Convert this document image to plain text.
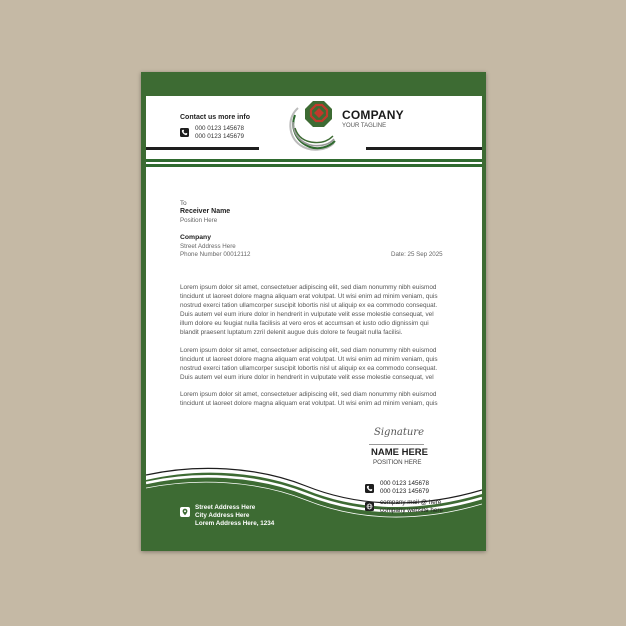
Contact us more info
000 0123 145678
000 0123 145679
COMPANY
YOUR TAGLINE
To
Receiver Name
Position Here
Company
Street Address Here
Phone Number 00012112	Date: 25 Sep 2025
Lorem ipsum dolor sit amet, consectetuer adipiscing elit, sed diam nonummy nibh euismod
tincidunt ut laoreet dolore magna aliquam erat volutpat. Ut wisi enim ad minim veniam, quis
nostrud exerci tation ullamcorper suscipit lobortis nisl ut aliquip ex ea commodo consequat.
Duis autem vel eum iriure dolor in hendrerit in vulputate velit esse molestie consequat, vel
illum dolore eu feugiat nulla facilisis at vero eros et accumsan et iusto odio dignissim qui
blandit praesent luptatum zzril delenit augue duis dolore te feugait nulla facilisi.
Lorem ipsum dolor sit amet, consectetuer adipiscing elit, sed diam nonummy nibh euismod
tincidunt ut laoreet dolore magna aliquam erat volutpat. Ut wisi enim ad minim veniam, quis
nostrud exerci tation ullamcorper suscipit lobortis nisl ut aliquip ex ea commodo consequat.
Duis autem vel eum iriure dolor in hendrerit in vulputate velit esse molestie consequat, vel
Lorem ipsum dolor sit amet, consectetuer adipiscing elit, sed diam nonummy nibh euismod
tincidunt ut laoreet dolore magna aliquam erat volutpat. Ut wisi enim ad minim veniam, quis
Signature
NAME HERE
POSITION HERE
000 0123 145678
000 0123 145679
company mail @ here
company website here
Street Address Here
City Address Here
Lorem Address Here, 1234
